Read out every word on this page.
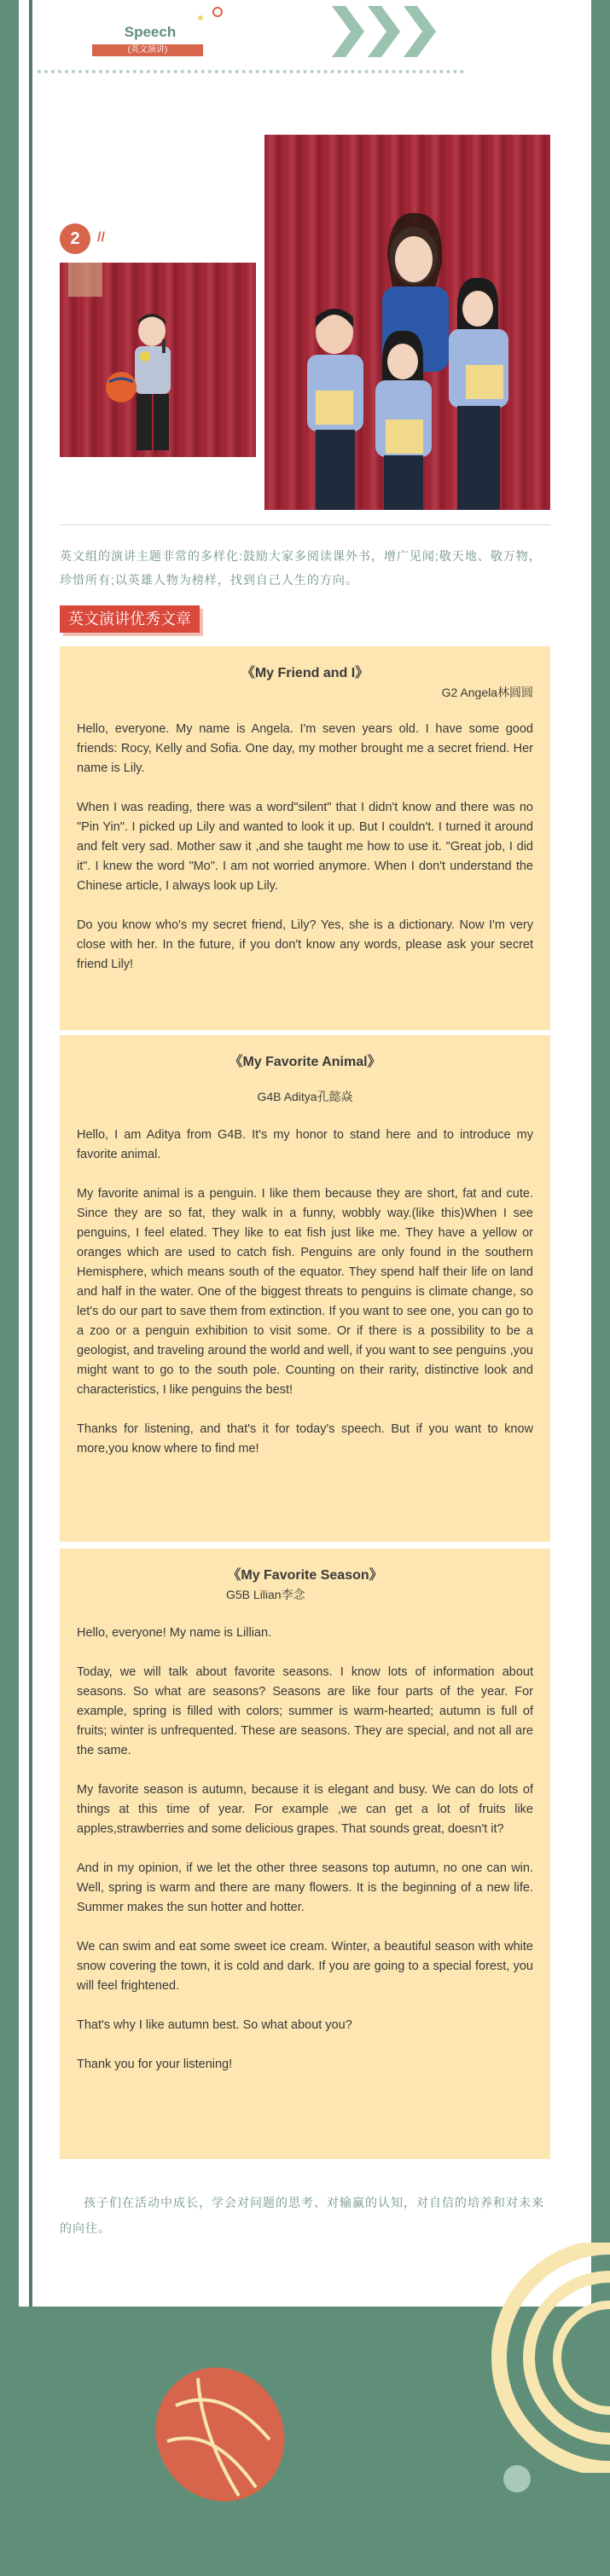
Speech
(英文演讲)
2	//
英文组的演讲主题非常的多样化:鼓励大家多阅读课外书，增广见闻;敬天地、敬万物，珍惜所有;以英雄人物为榜样，找到自己人生的方向。
英文演讲优秀文章
《My Friend and I》
G2 Angela林圆圆

Hello, everyone. My name is Angela. I'm seven years old. I have some good friends: Rocy, Kelly and Sofia. One day, my mother brought me a secret friend. Her name is Lily.

When I was reading, there was a word"silent" that I didn't know and there was no "Pin Yin". I picked up Lily and wanted to look it up. But I couldn't. I turned it around and felt very sad. Mother saw it ,and she taught me how to use it. "Great job, I did it". I knew the word "Mo". I am not worried anymore. When I don't understand the Chinese article, I always look up Lily.

Do you know who's my secret friend, Lily? Yes, she is a dictionary. Now I'm very close with her. In the future, if you don't know any words, please ask your secret friend Lily!

《My Favorite Animal》
G4B Aditya孔懿焱

Hello, I am Aditya from G4B. It's my honor to stand here and to introduce my favorite animal.

My favorite animal is a penguin. I like them because they are short, fat and cute. Since they are so fat, they walk in a funny, wobbly way.(like this)When I see penguins, I feel elated. They like to eat fish just like me. They have a yellow or oranges which are used to catch fish. Penguins are only found in the southern Hemisphere, which means south of the equator. They spend half their life on land and half in the water. One of the biggest threats to penguins is climate change, so let's do our part to save them from extinction. If you want to see one, you can go to a zoo or a penguin exhibition to visit some. Or if there is a possibility to be a geologist, and traveling around the world and well, if you want to see penguins ,you might want to go to the south pole. Counting on their rarity, distinctive look and characteristics, I like penguins the best!

Thanks for listening, and that's it for today's speech. But if you want to know more,you know where to find me!

《My Favorite Season》
G5B Lilian李念

Hello, everyone! My name is Lillian.

Today, we will talk about favorite seasons. I know lots of information about seasons. So what are seasons? Seasons are like four parts of the year. For example, spring is filled with colors; summer is warm-hearted; autumn is full of fruits; winter is unfrequented. These are seasons. They are special, and not all are the same.

My favorite season is autumn, because it is elegant and busy. We can do lots of things at this time of year. For example ,we can get a lot of fruits like apples,strawberries and some delicious grapes. That sounds great, doesn't it?

And in my opinion, if we let the other three seasons top autumn, no one can win. Well, spring is warm and there are many flowers. It is the beginning of a new life. Summer makes the sun hotter and hotter.

We can swim and eat some sweet ice cream. Winter, a beautiful season with white snow covering the town, it is cold and dark. If you are going to a special forest, you will feel frightened.

That's why I like autumn best. So what about you?

Thank you for your listening!

孩子们在活动中成长，学会对问题的思考、对输赢的认知，对自信的培养和对未来的向往。
